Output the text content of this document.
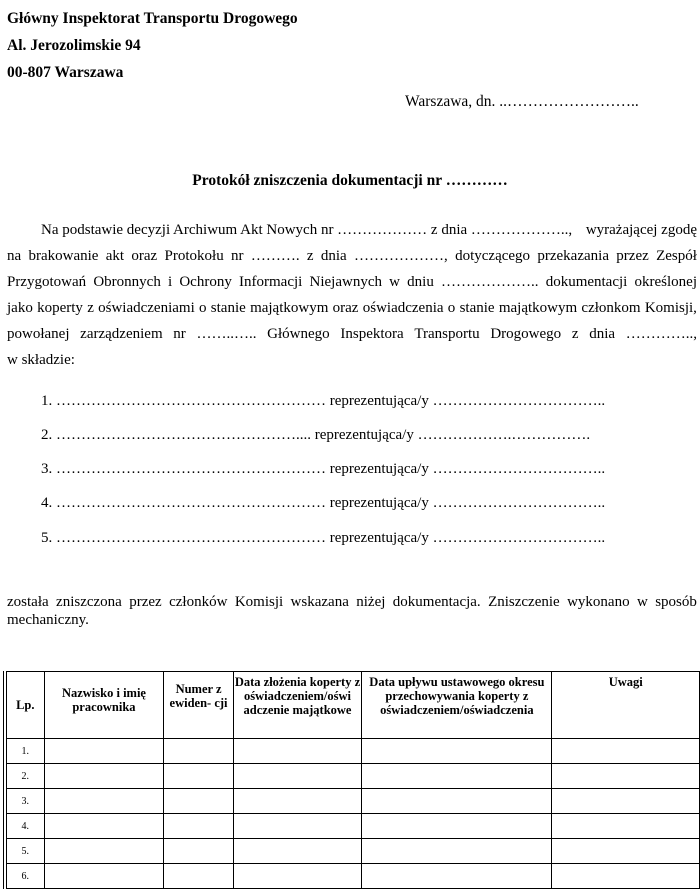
Główny Inspektorat Transportu Drogowego
Al. Jerozolimskie 94
00-807 Warszawa
Warszawa, dn. ..……………………..
Protokół zniszczenia dokumentacji nr …………
Na podstawie decyzji Archiwum Akt Nowych nr ……………… z dnia ……………….., wyrażającej zgodę
na brakowanie akt oraz Protokołu nr ………. z dnia ………………, dotyczącego przekazania przez Zespół
Przygotowań Obronnych i Ochrony Informacji Niejawnych w dniu ……………….. dokumentacji określonej
jako koperty z oświadczeniami o stanie majątkowym oraz oświadczenia o stanie majątkowym członkom Komisji,
powołanej zarządzeniem nr ……..….. Głównego Inspektora Transportu Drogowego z dnia …………..,
w składzie:
1. ……………………………………………… reprezentująca/y ……………………………..
2. ………………………………………….... reprezentująca/y ……………….…………….
3. ……………………………………………… reprezentująca/y ……………………………..
4. ……………………………………………… reprezentująca/y ……………………………..
5. ……………………………………………… reprezentująca/y ……………………………..
została zniszczona przez członków Komisji wskazana niżej dokumentacja. Zniszczenie wykonano w sposób
mechaniczny.
Lp.	Nazwisko i imię pracownika	Numer z ewiden- cji	Data złożenia koperty z oświadczeniem/oświ adczenie majątkowe	Data upływu ustawowego okresu przechowywania koperty z oświadczeniem/oświadczenia	Uwagi
1.					
2.					
3.					
4.					
5.					
6.					
